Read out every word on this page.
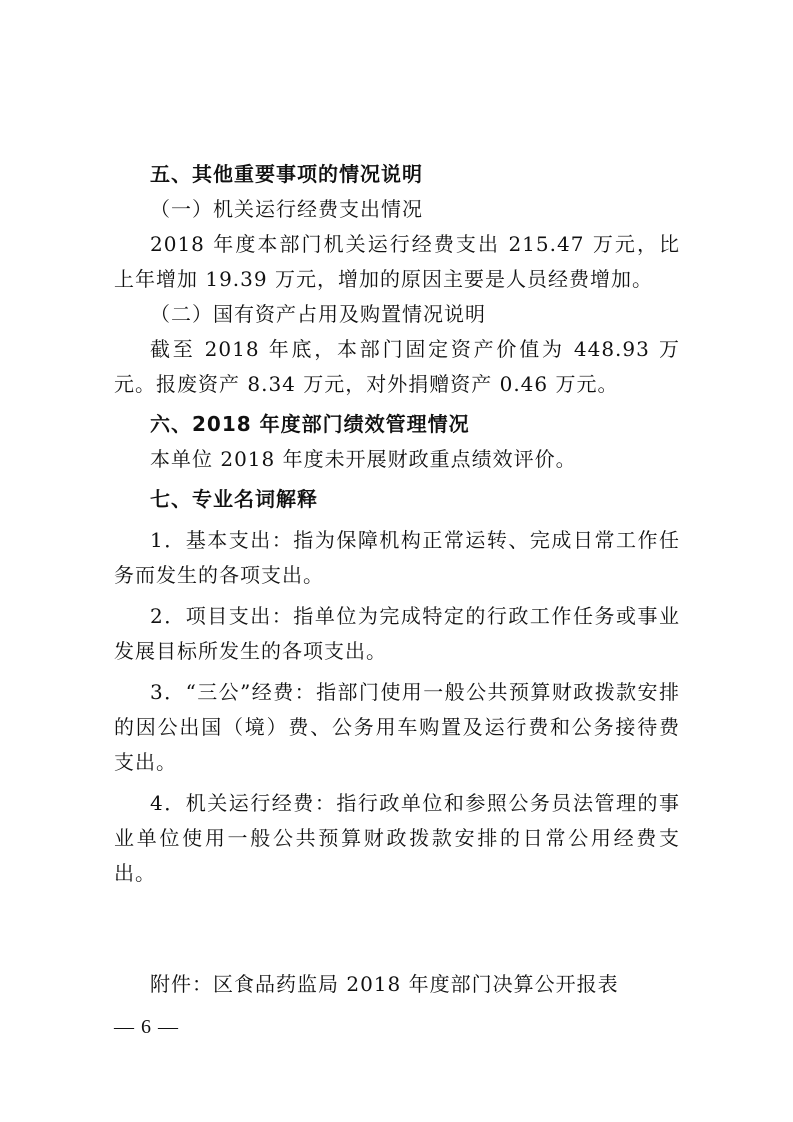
五、其他重要事项的情况说明

（一）机关运行经费支出情况

2018 年度本部门机关运行经费支出 215.47 万元，比上年增加 19.39 万元，增加的原因主要是人员经费增加。

（二）国有资产占用及购置情况说明

截至 2018 年底，本部门固定资产价值为 448.93 万元。报废资产 8.34 万元，对外捐赠资产 0.46 万元。

六、2018 年度部门绩效管理情况

本单位 2018 年度未开展财政重点绩效评价。

七、专业名词解释

1．基本支出：指为保障机构正常运转、完成日常工作任务而发生的各项支出。

2．项目支出：指单位为完成特定的行政工作任务或事业发展目标所发生的各项支出。

3．“三公”经费：指部门使用一般公共预算财政拨款安排的因公出国（境）费、公务用车购置及运行费和公务接待费支出。

4．机关运行经费：指行政单位和参照公务员法管理的事业单位使用一般公共预算财政拨款安排的日常公用经费支出。

附件：区食品药监局 2018 年度部门决算公开报表

— 6 —
